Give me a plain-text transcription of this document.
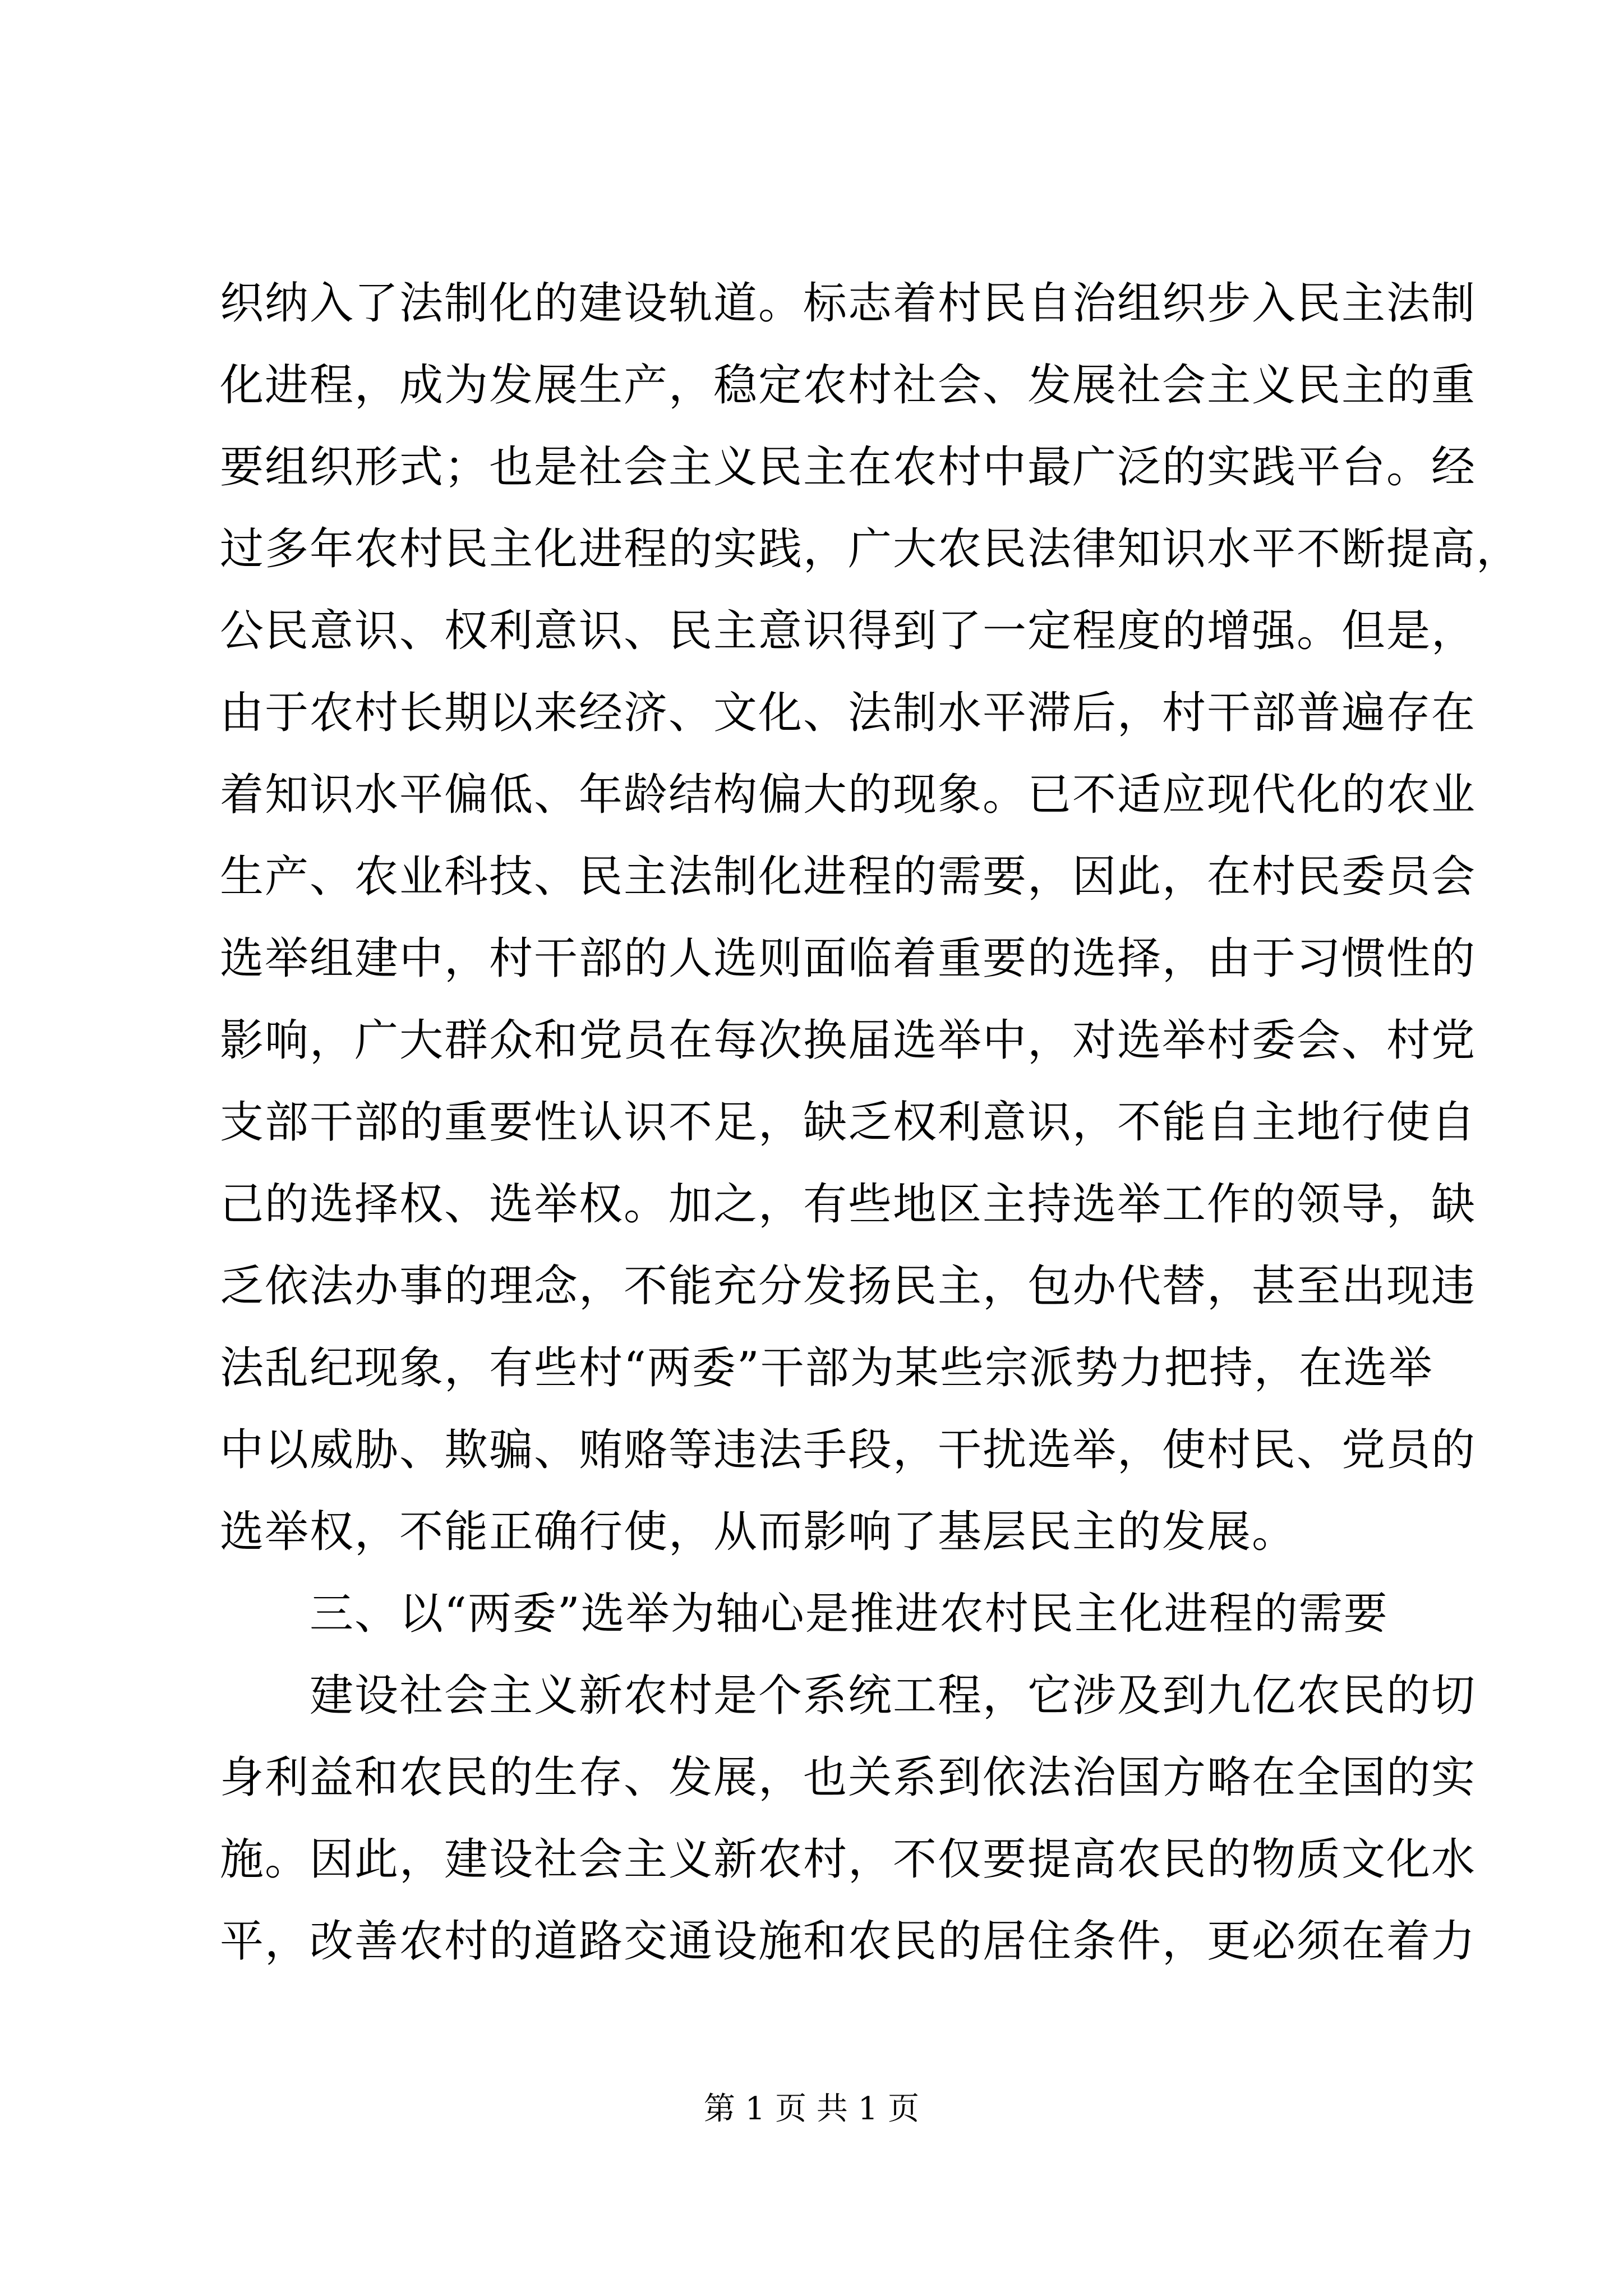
织纳入了法制化的建设轨道。标志着村民自治组织步入民主法制
化进程，成为发展生产，稳定农村社会、发展社会主义民主的重
要组织形式；也是社会主义民主在农村中最广泛的实践平台。经
过多年农村民主化进程的实践，广大农民法律知识水平不断提高，
公民意识、权利意识、民主意识得到了一定程度的增强。但是，
由于农村长期以来经济、文化、法制水平滞后，村干部普遍存在
着知识水平偏低、年龄结构偏大的现象。已不适应现代化的农业
生产、农业科技、民主法制化进程的需要，因此，在村民委员会
选举组建中，村干部的人选则面临着重要的选择，由于习惯性的
影响，广大群众和党员在每次换届选举中，对选举村委会、村党
支部干部的重要性认识不足，缺乏权利意识，不能自主地行使自
己的选择权、选举权。加之，有些地区主持选举工作的领导，缺
乏依法办事的理念，不能充分发扬民主，包办代替，甚至出现违
法乱纪现象，有些村“两委”干部为某些宗派势力把持，在选举
中以威胁、欺骗、贿赂等违法手段，干扰选举，使村民、党员的
选举权，不能正确行使，从而影响了基层民主的发展。
三、以“两委”选举为轴心是推进农村民主化进程的需要
建设社会主义新农村是个系统工程，它涉及到九亿农民的切
身利益和农民的生存、发展，也关系到依法治国方略在全国的实
施。因此，建设社会主义新农村，不仅要提高农民的物质文化水
平，改善农村的道路交通设施和农民的居住条件，更必须在着力
第 1 页 共 1 页
